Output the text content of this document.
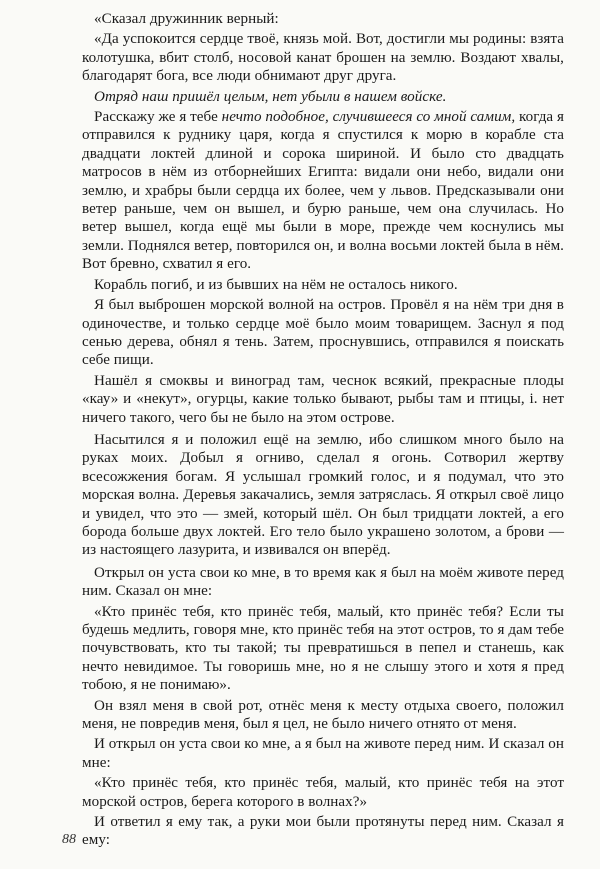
«Сказал дружинник верный:

«Да успокоится сердце твоё, князь мой. Вот, достигли мы родины: взята колотушка, вбит столб, носовой канат брошен на землю. Воздают хвалы, благодарят бога, все люди обнимают друг друга.

Отряд наш пришёл целым, нет убыли в нашем войске.

Расскажу же я тебе нечто подобное, случившееся со мной самим, когда я отправился к руднику царя, когда я спустился к морю в корабле ста двадцати локтей длиной и сорока шириной. И было сто двадцать матросов в нём из отборнейших Египта: видали они небо, видали они землю, и храбры были сердца их более, чем у львов. Предсказывали они ветер раньше, чем он вышел, и бурю раньше, чем она случилась. Но ветер вышел, когда ещё мы были в море, прежде чем коснулись мы земли. Поднялся ветер, повторился он, и волна восьми локтей была в нём. Вот бревно, схватил я его.

Корабль погиб, и из бывших на нём не осталось никого.

Я был выброшен морской волной на остров. Провёл я на нём три дня в одиночестве, и только сердце моё было моим товарищем. Заснул я под сенью дерева, обнял я тень. Затем, проснувшись, отправился я поискать себе пищи.

Нашёл я смоквы и виноград там, чеснок всякий, прекрасные плоды «кау» и «некут», огурцы, какие только бывают, рыбы там и птицы, і. нет ничего такого, чего бы не было на этом острове.

Насытился я и положил ещё на землю, ибо слишком много было на руках моих. Добыл я огниво, сделал я огонь. Сотворил жертву всесожжения богам. Я услышал громкий голос, и я подумал, что это морская волна. Деревья закачались, земля затряслась. Я открыл своё лицо и увидел, что это — змей, который шёл. Он был тридцати локтей, а его борода больше двух локтей. Его тело было украшено золотом, а брови — из настоящего лазурита, и извивался он вперёд.

Открыл он уста свои ко мне, в то время как я был на моём животе перед ним. Сказал он мне:

«Кто принёс тебя, кто принёс тебя, малый, кто принёс тебя? Если ты будешь медлить, говоря мне, кто принёс тебя на этот остров, то я дам тебе почувствовать, кто ты такой; ты превратишься в пепел и станешь, как нечто невидимое. Ты говоришь мне, но я не слышу этого и хотя я пред тобою, я не понимаю».

Он взял меня в свой рот, отнёс меня к месту отдыха своего, положил меня, не повредив меня, был я цел, не было ничего отнято от меня.

И открыл он уста свои ко мне, а я был на животе перед ним. И сказал он мне:

«Кто принёс тебя, кто принёс тебя, малый, кто принёс тебя на этот морской остров, берега которого в волнах?»

И ответил я ему так, а руки мои были протянуты перед ним. Сказал я ему:

88
